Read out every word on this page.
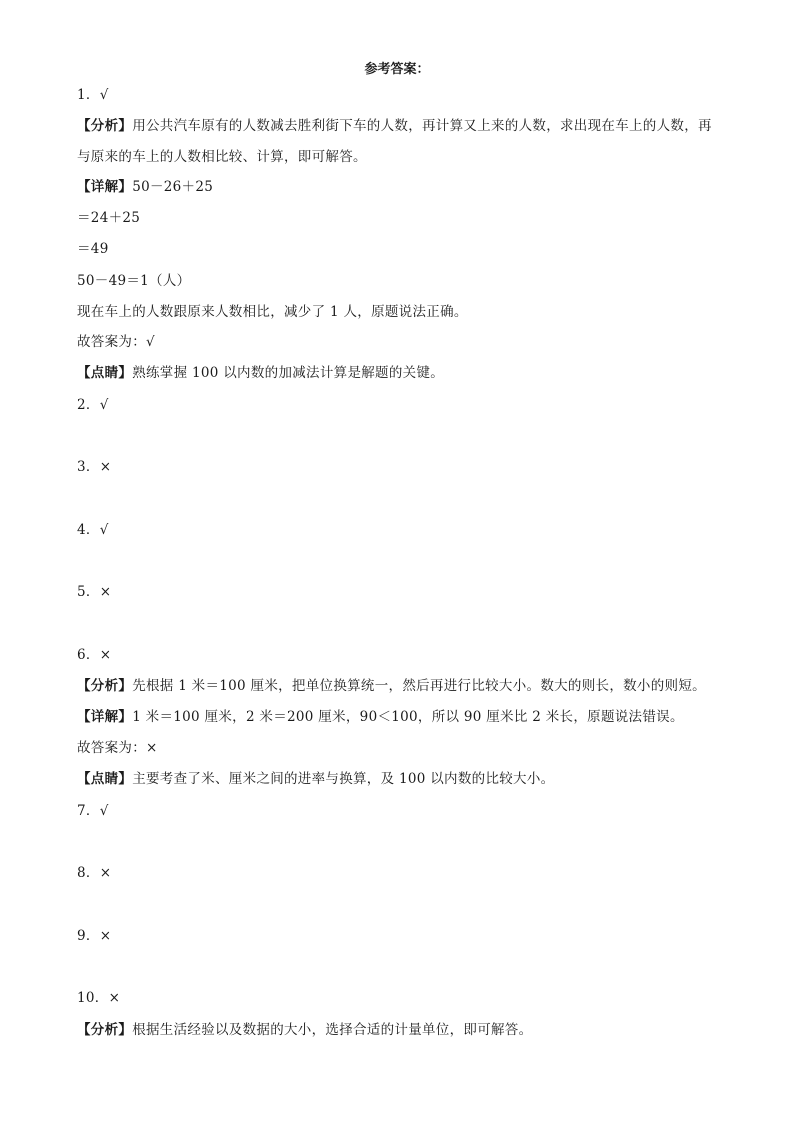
参考答案：
1．√
【分析】用公共汽车原有的人数减去胜利街下车的人数，再计算又上来的人数，求出现在车上的人数，再
与原来的车上的人数相比较、计算，即可解答。
【详解】50－26＋25
＝24＋25
＝49
50－49＝1（人）
现在车上的人数跟原来人数相比，减少了 1 人，原题说法正确。
故答案为：√
【点睛】熟练掌握 100 以内数的加减法计算是解题的关键。
2．√
3．×
4．√
5．×
6．×
【分析】先根据 1 米＝100 厘米，把单位换算统一，然后再进行比较大小。数大的则长，数小的则短。
【详解】1 米＝100 厘米，2 米＝200 厘米，90＜100，所以 90 厘米比 2 米长，原题说法错误。
故答案为：×
【点睛】主要考查了米、厘米之间的进率与换算，及 100 以内数的比较大小。
7．√
8．×
9．×
10．×
【分析】根据生活经验以及数据的大小，选择合适的计量单位，即可解答。
